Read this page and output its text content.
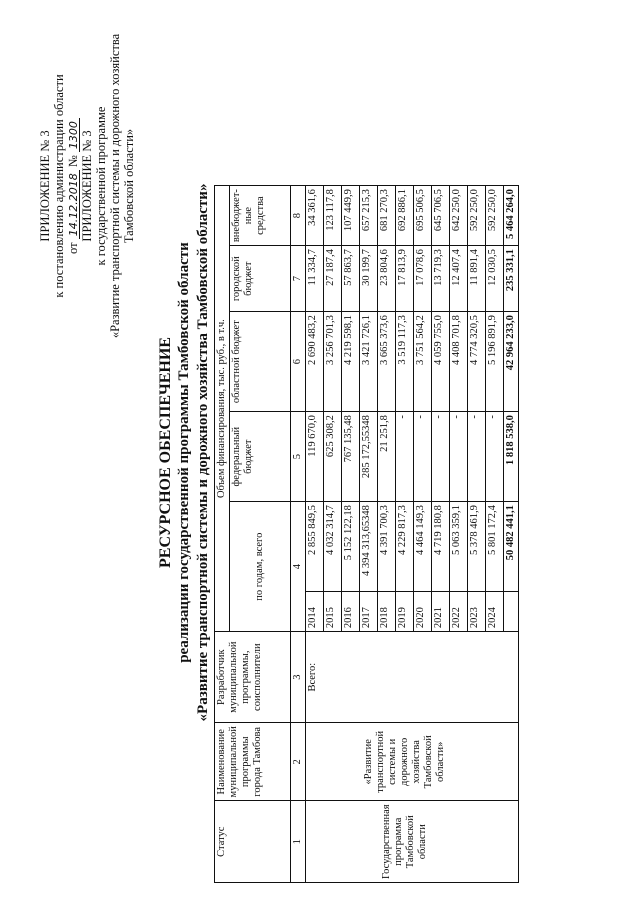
ПРИЛОЖЕНИЕ № 3 к постановлению администрации области от 14.12.2018 № 1300 ПРИЛОЖЕНИЕ № 3 к государственной программе «Развитие транспортной системы и дорожного хозяйства Тамбовской области»
РЕСУРСНОЕ ОБЕСПЕЧЕНИЕ реализации государственной программы Тамбовской области «Развитие транспортной системы и дорожного хозяйства Тамбовской области»
Статус	Наименование муниципальной программы города Тамбова	Разработчик муниципальной программы, соисполнители	Объем финансирования, тыс. руб., в т.ч.					
			по годам, всего		федеральный бюджет	областной бюджет	городской бюджет	внебюджет-ные средства
1	2	3	4		5	6	7	8
Государственная программа Тамбовской области	«Развитие транспортной системы и дорожного хозяйства Тамбовской области»	Всего:	2014	2 855 849,5	119 670,0	2 690 483,2	11 334,7	34 361,6
			2015	4 032 314,7	625 308,2	3 256 701,3	27 187,4	123 117,8
			2016	5 152 122,18	767 135,48	4 219 598,1	57 863,7	107 449,9
			2017	4 394 313,65348	285 172,55348	3 421 726,1	30 199,7	657 215,3
			2018	4 391 700,3	21 251,8	3 665 373,6	23 804,6	681 270,3
			2019	4 229 817,3	-	3 519 117,3	17 813,9	692 886,1
			2020	4 464 149,3	-	3 751 564,2	17 078,6	695 506,5
			2021	4 719 180,8	-	4 059 755,0	13 719,3	645 706,5
			2022	5 063 359,1	-	4 408 701,8	12 407,4	642 250,0
			2023	5 378 461,9	-	4 774 320,5	11 891,4	592 250,0
			2024	5 801 172,4	-	5 196 891,9	12 030,5	592 250,0
				50 482 441,1	1 818 538,0	42 964 233,0	235 331,1	5 464 264,0
